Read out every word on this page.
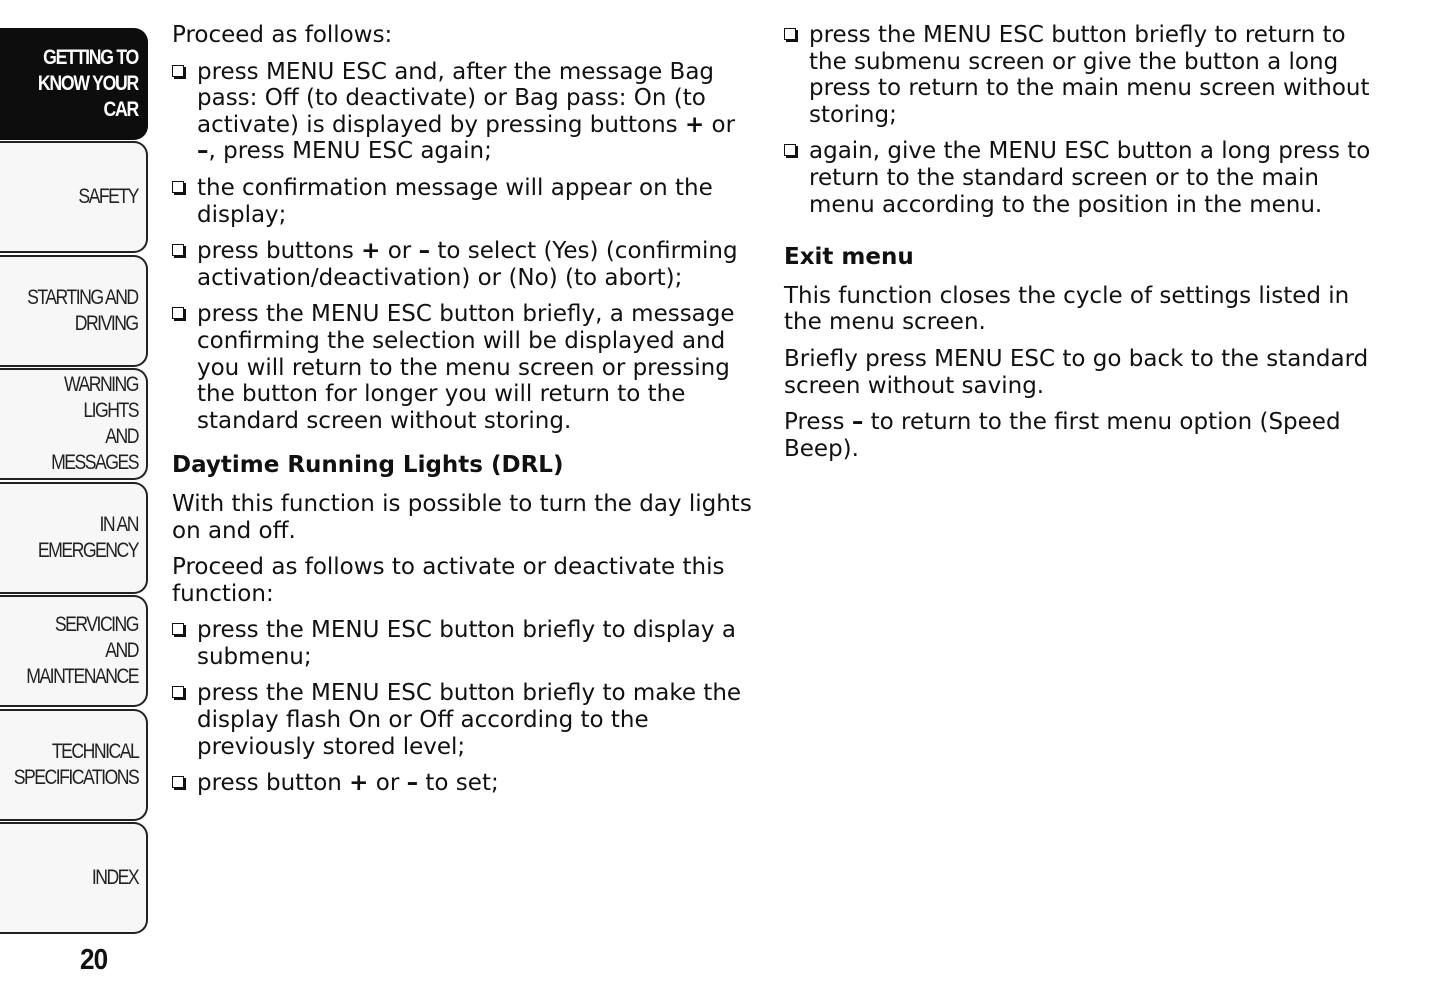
GETTING TO
KNOW YOUR CAR
SAFETY
STARTING AND
DRIVING
WARNING LIGHTS
AND MESSAGES
IN AN EMERGENCY
SERVICING AND
MAINTENANCE
TECHNICAL
SPECIFICATIONS
INDEX
20

Proceed as follows:

press MENU ESC and, after the message Bag pass: Off (to deactivate) or Bag pass: On (to activate) is displayed by pressing buttons + or –, press MENU ESC again;
the confirmation message will appear on the display;
press buttons + or – to select (Yes) (confirming activation/deactivation) or (No) (to abort);
press the MENU ESC button briefly, a message confirming the selection will be displayed and you will return to the menu screen or pressing the button for longer you will return to the standard screen without storing.
Daytime Running Lights (DRL)

With this function is possible to turn the day lights on and off.

Proceed as follows to activate or deactivate this function:

press the MENU ESC button briefly to display a submenu;
press the MENU ESC button briefly to make the display flash On or Off according to the previously stored level;
press button + or – to set;
press the MENU ESC button briefly to return to the submenu screen or give the button a long press to return to the main menu screen without storing;
again, give the MENU ESC button a long press to return to the standard screen or to the main menu according to the position in the menu.
Exit menu

This function closes the cycle of settings listed in the menu screen.

Briefly press MENU ESC to go back to the standard screen without saving.

Press – to return to the first menu option (Speed Beep).
